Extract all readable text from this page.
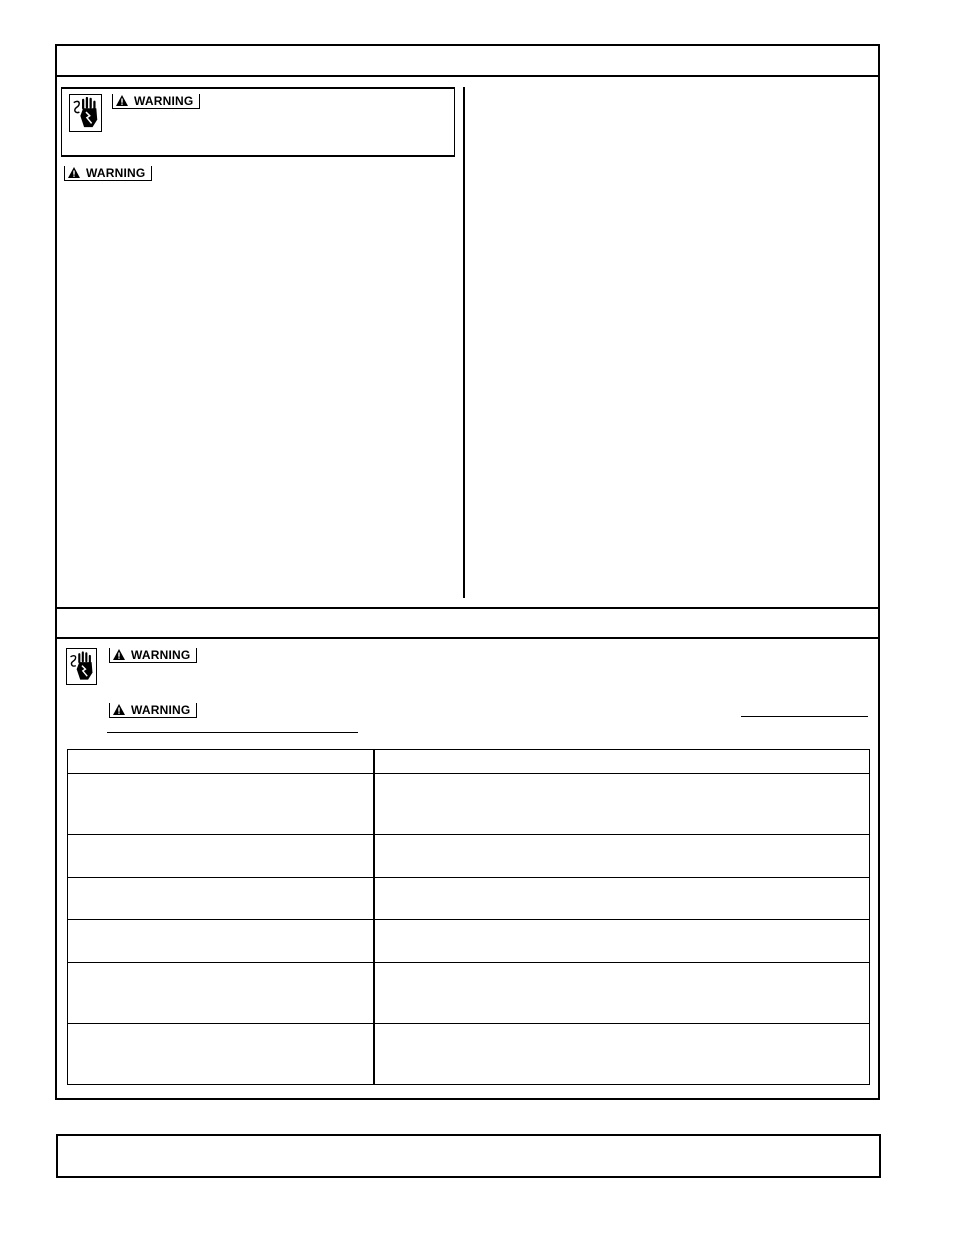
WARNING
WARNING
WARNING
WARNING
